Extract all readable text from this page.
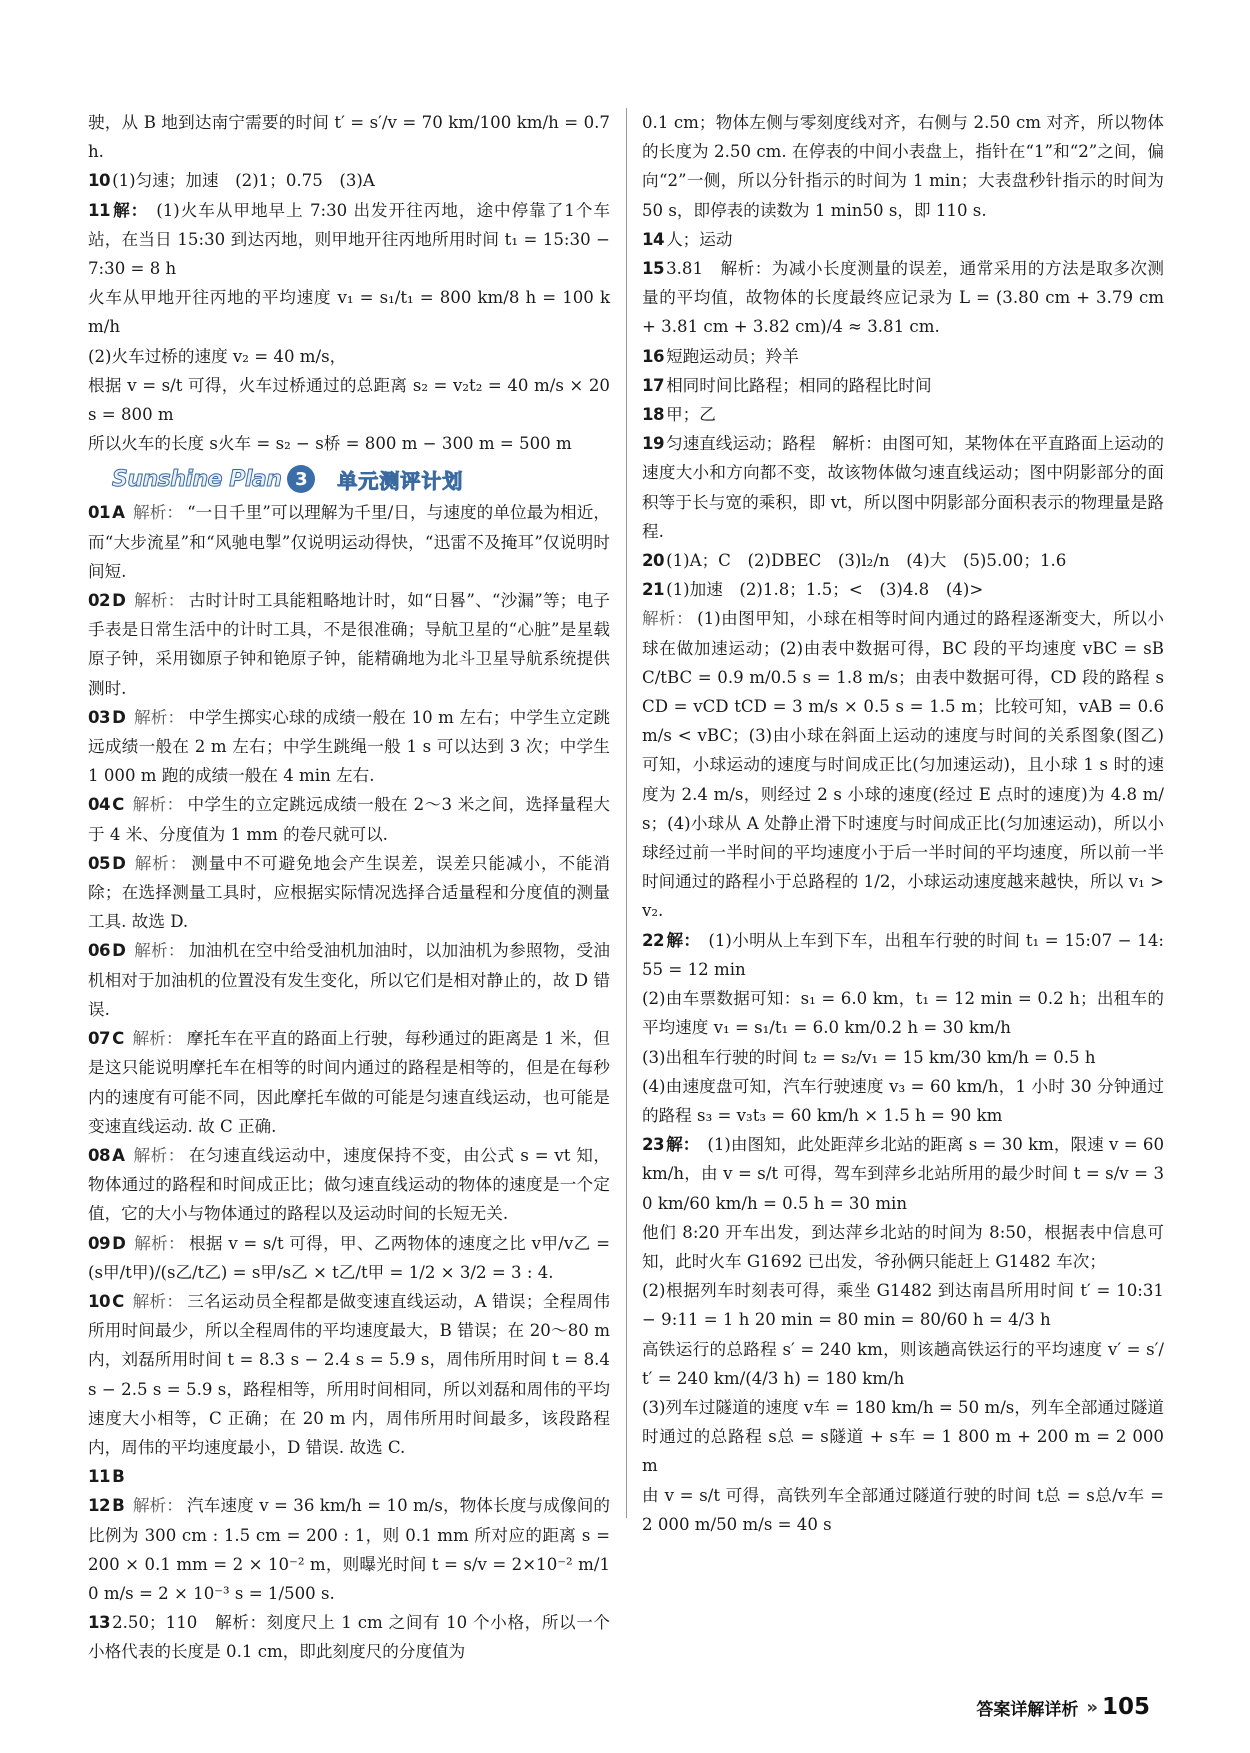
驶，从 B 地到达南宁需要的时间 t′ = s′/v = 70 km/100 km/h = 0.7 h.

10 (1)匀速；加速　(2)1；0.75　(3)A

11 解： (1)火车从甲地早上 7:30 出发开往丙地，途中停靠了1个车站，在当日 15:30 到达丙地，则甲地开往丙地所用时间 t₁ = 15:30 − 7:30 = 8 h

火车从甲地开往丙地的平均速度 v₁ = s₁/t₁ = 800 km/8 h = 100 km/h

(2)火车过桥的速度 v₂ = 40 m/s，

根据 v = s/t 可得，火车过桥通过的总距离 s₂ = v₂t₂ = 40 m/s × 20 s = 800 m

所以火车的长度 s火车 = s₂ − s桥 = 800 m − 300 m = 500 m

Sunshine Plan 3	单元测评计划

01 A 解析： “一日千里”可以理解为千里/日，与速度的单位最为相近，而“大步流星”和“风驰电掣”仅说明运动得快，“迅雷不及掩耳”仅说明时间短.

02 D 解析： 古时计时工具能粗略地计时，如“日晷”、“沙漏”等；电子手表是日常生活中的计时工具，不是很准确；导航卫星的“心脏”是星载原子钟，采用铷原子钟和铯原子钟，能精确地为北斗卫星导航系统提供测时.

03 D 解析： 中学生掷实心球的成绩一般在 10 m 左右；中学生立定跳远成绩一般在 2 m 左右；中学生跳绳一般 1 s 可以达到 3 次；中学生 1 000 m 跑的成绩一般在 4 min 左右.

04 C 解析： 中学生的立定跳远成绩一般在 2～3 米之间，选择量程大于 4 米、分度值为 1 mm 的卷尺就可以.

05 D 解析： 测量中不可避免地会产生误差，误差只能减小，不能消除；在选择测量工具时，应根据实际情况选择合适量程和分度值的测量工具. 故选 D.

06 D 解析： 加油机在空中给受油机加油时，以加油机为参照物，受油机相对于加油机的位置没有发生变化，所以它们是相对静止的，故 D 错误.

07 C 解析： 摩托车在平直的路面上行驶，每秒通过的距离是 1 米，但是这只能说明摩托车在相等的时间内通过的路程是相等的，但是在每秒内的速度有可能不同，因此摩托车做的可能是匀速直线运动，也可能是变速直线运动. 故 C 正确.

08 A 解析： 在匀速直线运动中，速度保持不变，由公式 s = vt 知，物体通过的路程和时间成正比；做匀速直线运动的物体的速度是一个定值，它的大小与物体通过的路程以及运动时间的长短无关.

09 D 解析： 根据 v = s/t 可得，甲、乙两物体的速度之比 v甲/v乙 = (s甲/t甲)/(s乙/t乙) = s甲/s乙 × t乙/t甲 = 1/2 × 3/2 = 3 : 4.

10 C 解析： 三名运动员全程都是做变速直线运动，A 错误；全程周伟所用时间最少，所以全程周伟的平均速度最大，B 错误；在 20～80 m 内，刘磊所用时间 t = 8.3 s − 2.4 s = 5.9 s，周伟所用时间 t = 8.4 s − 2.5 s = 5.9 s，路程相等，所用时间相同，所以刘磊和周伟的平均速度大小相等，C 正确；在 20 m 内，周伟所用时间最多，该段路程内，周伟的平均速度最小，D 错误. 故选 C.

11 B

12 B 解析： 汽车速度 v = 36 km/h = 10 m/s，物体长度与成像间的比例为 300 cm : 1.5 cm = 200 : 1，则 0.1 mm 所对应的距离 s = 200 × 0.1 mm = 2 × 10⁻² m，则曝光时间 t = s/v = 2×10⁻² m/10 m/s = 2 × 10⁻³ s = 1/500 s.

13 2.50；110　解析：刻度尺上 1 cm 之间有 10 个小格，所以一个小格代表的长度是 0.1 cm，即此刻度尺的分度值为

0.1 cm；物体左侧与零刻度线对齐，右侧与 2.50 cm 对齐，所以物体的长度为 2.50 cm. 在停表的中间小表盘上，指针在“1”和“2”之间，偏向“2”一侧，所以分针指示的时间为 1 min；大表盘秒针指示的时间为 50 s，即停表的读数为 1 min50 s，即 110 s.

14 人；运动

15 3.81　解析：为减小长度测量的误差，通常采用的方法是取多次测量的平均值，故物体的长度最终应记录为 L = (3.80 cm + 3.79 cm + 3.81 cm + 3.82 cm)/4 ≈ 3.81 cm.

16 短跑运动员；羚羊

17 相同时间比路程；相同的路程比时间

18 甲；乙

19 匀速直线运动；路程　解析：由图可知，某物体在平直路面上运动的速度大小和方向都不变，故该物体做匀速直线运动；图中阴影部分的面积等于长与宽的乘积，即 vt，所以图中阴影部分面积表示的物理量是路程.

20 (1)A；C　(2)DBEC　(3)l₂/n　(4)大　(5)5.00；1.6

21 (1)加速　(2)1.8；1.5；<　(3)4.8　(4)>

解析： (1)由图甲知，小球在相等时间内通过的路程逐渐变大，所以小球在做加速运动；(2)由表中数据可得，BC 段的平均速度 vBC = sBC/tBC = 0.9 m/0.5 s = 1.8 m/s；由表中数据可得，CD 段的路程 sCD = vCD tCD = 3 m/s × 0.5 s = 1.5 m；比较可知，vAB = 0.6 m/s < vBC；(3)由小球在斜面上运动的速度与时间的关系图象(图乙)可知，小球运动的速度与时间成正比(匀加速运动)，且小球 1 s 时的速度为 2.4 m/s，则经过 2 s 小球的速度(经过 E 点时的速度)为 4.8 m/s；(4)小球从 A 处静止滑下时速度与时间成正比(匀加速运动)，所以小球经过前一半时间的平均速度小于后一半时间的平均速度，所以前一半时间通过的路程小于总路程的 1/2，小球运动速度越来越快，所以 v₁ > v₂.

22 解： (1)小明从上车到下车，出租车行驶的时间 t₁ = 15:07 − 14:55 = 12 min

(2)由车票数据可知：s₁ = 6.0 km，t₁ = 12 min = 0.2 h；出租车的平均速度 v₁ = s₁/t₁ = 6.0 km/0.2 h = 30 km/h

(3)出租车行驶的时间 t₂ = s₂/v₁ = 15 km/30 km/h = 0.5 h

(4)由速度盘可知，汽车行驶速度 v₃ = 60 km/h，1 小时 30 分钟通过的路程 s₃ = v₃t₃ = 60 km/h × 1.5 h = 90 km

23 解： (1)由图知，此处距萍乡北站的距离 s = 30 km，限速 v = 60 km/h，由 v = s/t 可得，驾车到萍乡北站所用的最少时间 t = s/v = 30 km/60 km/h = 0.5 h = 30 min

他们 8:20 开车出发，到达萍乡北站的时间为 8:50，根据表中信息可知，此时火车 G1692 已出发，爷孙俩只能赶上 G1482 车次；

(2)根据列车时刻表可得，乘坐 G1482 到达南昌所用时间 t′ = 10:31 − 9:11 = 1 h 20 min = 80 min = 80/60 h = 4/3 h

高铁运行的总路程 s′ = 240 km，则该趟高铁运行的平均速度 v′ = s′/t′ = 240 km/(4/3 h) = 180 km/h

(3)列车过隧道的速度 v车 = 180 km/h = 50 m/s，列车全部通过隧道时通过的总路程 s总 = s隧道 + s车 = 1 800 m + 200 m = 2 000 m

由 v = s/t 可得，高铁列车全部通过隧道行驶的时间 t总 = s总/v车 = 2 000 m/50 m/s = 40 s

答案详解详析 » 105
